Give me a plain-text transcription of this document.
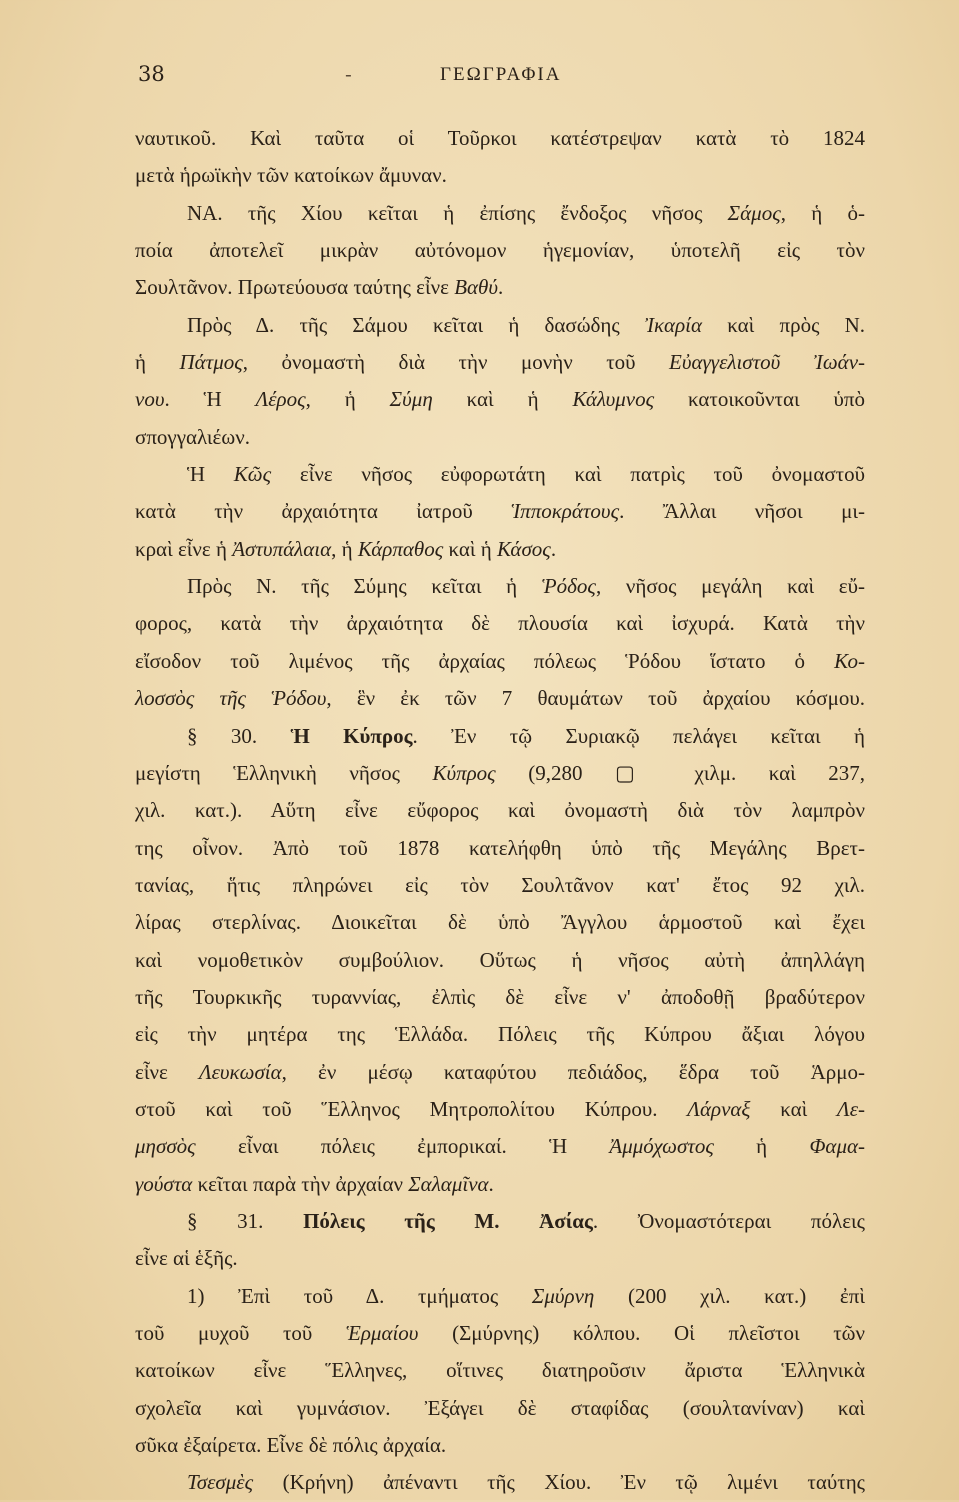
38	-	ΓΕΩΓΡΑΦΙΑ
ναυτικοῦ. Καὶ ταῦτα οἱ Τοῦρκοι κατέστρεψαν κατὰ τὸ 1824
μετὰ ἡρωϊκὴν τῶν κατοίκων ἄμυναν.
ΝΑ. τῆς Χίου κεῖται ἡ ἐπίσης ἔνδοξος νῆσος Σάμος, ἡ ὁ-
ποία ἀποτελεῖ μικρὰν αὐτόνομον ἡγεμονίαν, ὑποτελῆ εἰς τὸν
Σουλτᾶνον. Πρωτεύουσα ταύτης εἶνε Βαθύ.
Πρὸς Δ. τῆς Σάμου κεῖται ἡ δασώδης Ἰκαρία καὶ πρὸς Ν.
ἡ Πάτμος, ὀνομαστὴ διὰ τὴν μονὴν τοῦ Εὐαγγελιστοῦ Ἰωάν-
νου. Ἡ Λέρος, ἡ Σύμη καὶ ἡ Κάλυμνος κατοικοῦνται ὑπὸ
σπογγαλιέων.
Ἡ Κῶς εἶνε νῆσος εὐφορωτάτη καὶ πατρὶς τοῦ ὀνομαστοῦ
κατὰ τὴν ἀρχαιότητα ἰατροῦ Ἱπποκράτους. Ἄλλαι νῆσοι μι-
κραὶ εἶνε ἡ Ἀστυπάλαια, ἡ Κάρπαθος καὶ ἡ Κάσος.
Πρὸς Ν. τῆς Σύμης κεῖται ἡ Ῥόδος, νῆσος μεγάλη καὶ εὔ-
φορος, κατὰ τὴν ἀρχαιότητα δὲ πλουσία καὶ ἰσχυρά. Κατὰ τὴν
εἴσοδον τοῦ λιμένος τῆς ἀρχαίας πόλεως Ῥόδου ἵστατο ὁ Κο-
λοσσὸς τῆς Ῥόδου, ἓν ἐκ τῶν 7 θαυμάτων τοῦ ἀρχαίου κόσμου.
§ 30. Ἡ Κύπρος. Ἐν τῷ Συριακῷ πελάγει κεῖται ἡ
μεγίστη Ἑλληνικὴ νῆσος Κύπρος (9,280 ▢ χιλμ. καὶ 237,
χιλ. κατ.). Αὕτη εἶνε εὔφορος καὶ ὀνομαστὴ διὰ τὸν λαμπρὸν
της οἶνον. Ἀπὸ τοῦ 1878 κατελήφθη ὑπὸ τῆς Μεγάλης Βρετ-
τανίας, ἥτις πληρώνει εἰς τὸν Σουλτᾶνον κατ' ἔτος 92 χιλ.
λίρας στερλίνας. Διοικεῖται δὲ ὑπὸ Ἄγγλου ἁρμοστοῦ καὶ ἔχει
καὶ νομοθετικὸν συμβούλιον. Οὕτως ἡ νῆσος αὐτὴ ἀπηλλάγη
τῆς Τουρκικῆς τυραννίας, ἐλπὶς δὲ εἶνε ν' ἀποδοθῇ βραδύτερον
εἰς τὴν μητέρα της Ἑλλάδα. Πόλεις τῆς Κύπρου ἄξιαι λόγου
εἶνε Λευκωσία, ἐν μέσῳ καταφύτου πεδιάδος, ἕδρα τοῦ Ἁρμο-
στοῦ καὶ τοῦ Ἕλληνος Μητροπολίτου Κύπρου. Λάρναξ καὶ Λε-
μησσὸς εἶναι πόλεις ἐμπορικαί. Ἡ Ἀμμόχωστος ἡ Φαμα-
γούστα κεῖται παρὰ τὴν ἀρχαίαν Σαλαμῖνα.
§ 31. Πόλεις τῆς Μ. Ἀσίας. Ὀνομαστότεραι πόλεις
εἶνε αἱ ἑξῆς.
1) Ἐπὶ τοῦ Δ. τμήματος Σμύρνη (200 χιλ. κατ.) ἐπὶ
τοῦ μυχοῦ τοῦ Ἑρμαίου (Σμύρνης) κόλπου. Οἱ πλεῖστοι τῶν
κατοίκων εἶνε Ἕλληνες, οἵτινες διατηροῦσιν ἄριστα Ἑλληνικὰ
σχολεῖα καὶ γυμνάσιον. Ἐξάγει δὲ σταφίδας (σουλτανίναν) καὶ
σῦκα ἐξαίρετα. Εἶνε δὲ πόλις ἀρχαία.
Τσεσμὲς (Κρήνη) ἀπέναντι τῆς Χίου. Ἐν τῷ λιμένι ταύτης
